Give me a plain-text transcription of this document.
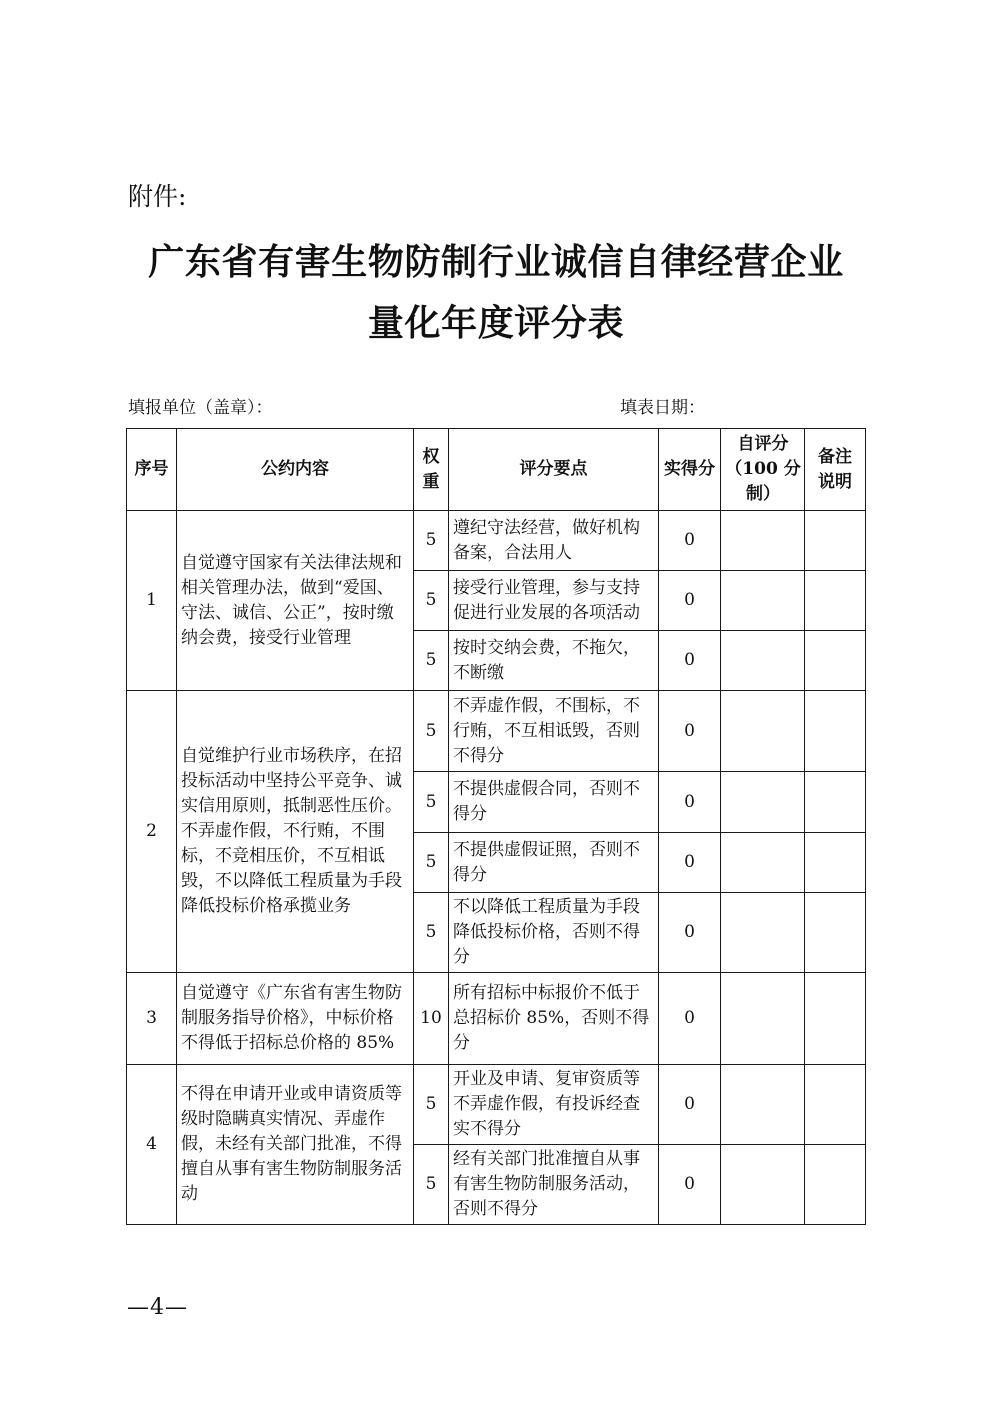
附件:
广东省有害生物防制行业诚信自律经营企业
量化年度评分表
填报单位（盖章）：	填表日期：
序号	公约内容	权重	评分要点	实得分	自评分（100 分制）	备注说明
1	自觉遵守国家有关法律法规和相关管理办法，做到“爱国、守法、诚信、公正”，按时缴纳会费，接受行业管理	5	遵纪守法经营，做好机构备案，合法用人	0		
		5	接受行业管理，参与支持促进行业发展的各项活动	0		
		5	按时交纳会费，不拖欠，不断缴	0		
2	自觉维护行业市场秩序，在招投标活动中坚持公平竞争、诚实信用原则，抵制恶性压价。不弄虚作假，不行贿，不围标，不竞相压价，不互相诋毁，不以降低工程质量为手段降低投标价格承揽业务	5	不弄虚作假，不围标，不行贿，不互相诋毁，否则不得分	0		
		5	不提供虚假合同，否则不得分	0		
		5	不提供虚假证照，否则不得分	0		
		5	不以降低工程质量为手段降低投标价格，否则不得分	0		
3	自觉遵守《广东省有害生物防制服务指导价格》，中标价格不得低于招标总价格的 85%	10	所有招标中标报价不低于总招标价 85%，否则不得分	0		
4	不得在申请开业或申请资质等级时隐瞒真实情况、弄虚作假，未经有关部门批准，不得擅自从事有害生物防制服务活动	5	开业及申请、复审资质等不弄虚作假，有投诉经查实不得分	0		
		5	经有关部门批准擅自从事有害生物防制服务活动，否则不得分	0		
—4—
